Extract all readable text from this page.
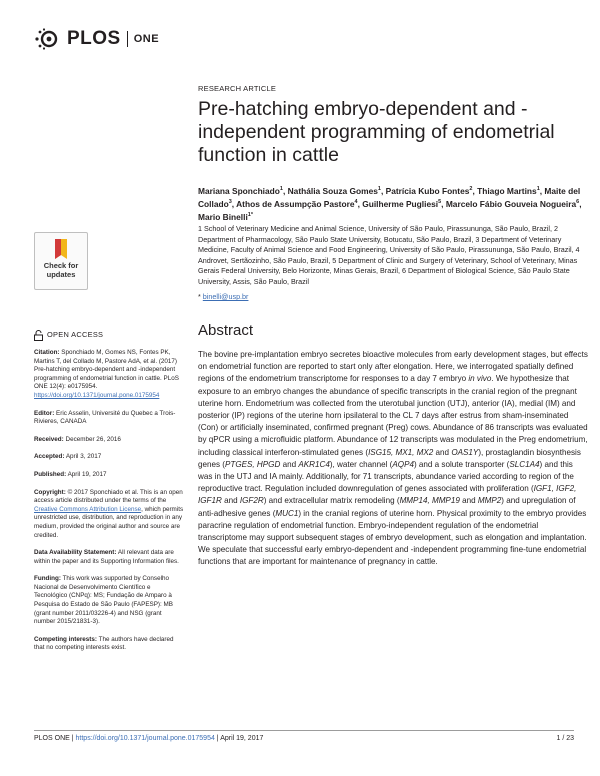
PLOS ONE
RESEARCH ARTICLE
Pre-hatching embryo-dependent and -independent programming of endometrial function in cattle
Mariana Sponchiado$^1$, Nathália Souza Gomes$^1$, Patrícia Kubo Fontes$^2$, Thiago Martins$^1$, Maite del Collado$^3$, Athos de Assumpção Pastore$^4$, Guilherme Pugliesi$^5$, Marcelo Fábio Gouveia Nogueira$^6$, Mario Binelli$^{1*}$
1 School of Veterinary Medicine and Animal Science, University of São Paulo, Pirassununga, São Paulo, Brazil, 2 Department of Pharmacology, São Paulo State University, Botucatu, São Paulo, Brazil, 3 Department of Veterinary Medicine, Faculty of Animal Science and Food Engineering, University of São Paulo, Pirassununga, São Paulo, Brazil, 4 Androvet, Sertãozinho, São Paulo, Brazil, 5 Department of Clinic and Surgery of Veterinary, School of Veterinary, Minas Gerais Federal University, Belo Horizonte, Minas Gerais, Brazil, 6 Department of Biological Science, São Paulo State University, Assis, São Paulo, Brazil
* binelli@usp.br
Check for
updates
OPEN ACCESS
Citation: Sponchiado M, Gomes NS, Fontes PK, Martins T, del Collado M, Pastore AdA, et al. (2017) Pre-hatching embryo-dependent and -independent programming of endometrial function in cattle. PLoS ONE 12(4): e0175954. https://doi.org/10.1371/journal.pone.0175954
Editor: Eric Asselin, Université du Quebec a Trois-Rivieres, CANADA
Received: December 26, 2016
Accepted: April 3, 2017
Published: April 19, 2017
Copyright: © 2017 Sponchiado et al. This is an open access article distributed under the terms of the Creative Commons Attribution License, which permits unrestricted use, distribution, and reproduction in any medium, provided the original author and source are credited.
Data Availability Statement: All relevant data are within the paper and its Supporting Information files.
Funding: This work was supported by Conselho Nacional de Desenvolvimento Científico e Tecnológico (CNPq): MS; Fundação de Amparo à Pesquisa do Estado de São Paulo (FAPESP): MB (grant number 2011/03226-4) and NSG (grant number 2015/21831-3).
Competing interests: The authors have declared that no competing interests exist.
Abstract
The bovine pre-implantation embryo secretes bioactive molecules from early development stages, but effects on endometrial function are reported to start only after elongation. Here, we interrogated spatially defined regions of the endometrium transcriptome for responses to a day 7 embryo in vivo. We hypothesize that exposure to an embryo changes the abundance of specific transcripts in the cranial region of the pregnant uterine horn. Endometrium was collected from the uterotubal junction (UTJ), anterior (IA), medial (IM) and posterior (IP) regions of the uterine horn ipsilateral to the CL 7 days after estrus from sham-inseminated (Con) or artificially inseminated, confirmed pregnant (Preg) cows. Abundance of 86 transcripts was evaluated by qPCR using a microfluidic platform. Abundance of 12 transcripts was modulated in the Preg endometrium, including classical interferon-stimulated genes (ISG15, MX1, MX2 and OAS1Y), prostaglandin biosynthesis genes (PTGES, HPGD and AKR1C4), water channel (AQP4) and a solute transporter (SLC1A4) and this was in the UTJ and IA mainly. Additionally, for 71 transcripts, abundance varied according to region of the reproductive tract. Regulation included downregulation of genes associated with proliferation (IGF1, IGF2, IGF1R and IGF2R) and extracellular matrix remodeling (MMP14, MMP19 and MMP2) and upregulation of anti-adhesive genes (MUC1) in the cranial regions of uterine horn. Physical proximity to the embryo provides paracrine regulation of endometrial function. Embryo-independent regulation of the endometrial transcriptome may support subsequent stages of embryo development, such as elongation and implantation. We speculate that successful early embryo-dependent and -independent programming fine-tune endometrial functions that are important for maintenance of pregnancy in cattle.
PLOS ONE | https://doi.org/10.1371/journal.pone.0175954 | April 19, 2017	1 / 23
